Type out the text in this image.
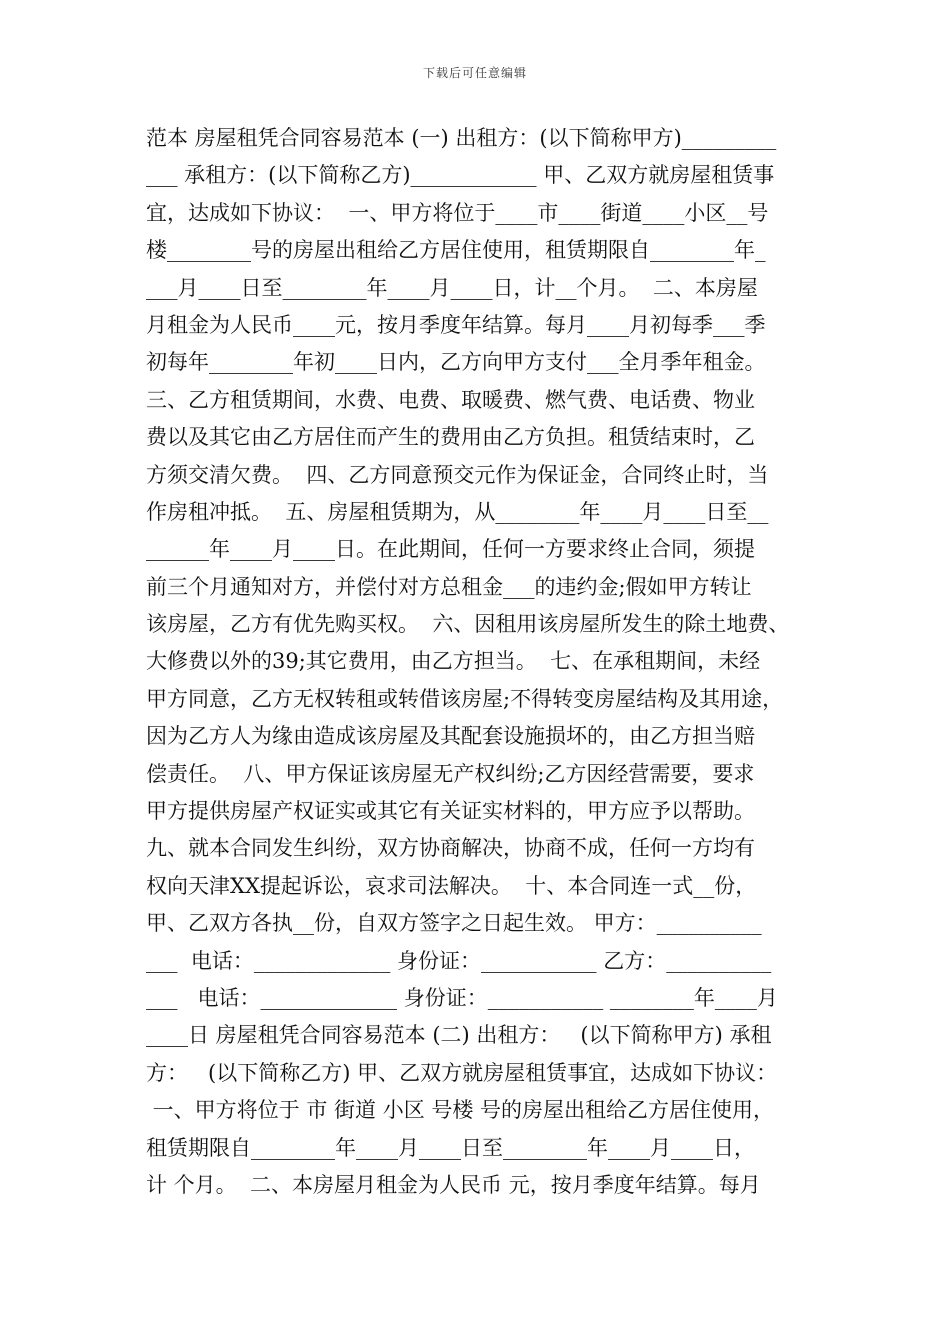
下载后可任意编辑
范本 房屋租凭合同容易范本 (一) 出租方：(以下简称甲方)_________
___ 承租方：(以下简称乙方)____________ 甲、乙双方就房屋租赁事
宜，达成如下协议：  一、甲方将位于____市____街道____小区__号
楼________号的房屋出租给乙方居住使用，租赁期限自________年_
___月____日至________年____月____日，计__个月。  二、本房屋
月租金为人民币____元，按月季度年结算。每月____月初每季___季
初每年________年初____日内，乙方向甲方支付___全月季年租金。
三、乙方租赁期间，水费、电费、取暖费、燃气费、电话费、物业
费以及其它由乙方居住而产生的费用由乙方负担。租赁结束时，乙
方须交清欠费。  四、乙方同意预交元作为保证金，合同终止时，当
作房租冲抵。  五、房屋租赁期为，从________年____月____日至__
______年____月____日。在此期间，任何一方要求终止合同，须提
前三个月通知对方，并偿付对方总租金___的违约金;假如甲方转让
该房屋，乙方有优先购买权。  六、因租用该房屋所发生的除土地费、
大修费以外的39;其它费用，由乙方担当。  七、在承租期间，未经
甲方同意，乙方无权转租或转借该房屋;不得转变房屋结构及其用途，
因为乙方人为缘由造成该房屋及其配套设施损坏的，由乙方担当赔
偿责任。  八、甲方保证该房屋无产权纠纷;乙方因经营需要，要求
甲方提供房屋产权证实或其它有关证实材料的，甲方应予以帮助。
九、就本合同发生纠纷，双方协商解决，协商不成，任何一方均有
权向天津XX提起诉讼，哀求司法解决。  十、本合同连一式__份，
甲、乙双方各执__份，自双方签字之日起生效。 甲方：__________
___  电话：_____________ 身份证：___________ 乙方：__________
___   电话：_____________ 身份证：___________ ________年____月
____日 房屋租凭合同容易范本 (二) 出租方：   (以下简称甲方) 承租
方：   (以下简称乙方) 甲、乙双方就房屋租赁事宜，达成如下协议：
一、甲方将位于 市 街道 小区 号楼 号的房屋出租给乙方居住使用，
租赁期限自________年____月____日至________年____月____日，
计 个月。  二、本房屋月租金为人民币 元，按月季度年结算。每月
